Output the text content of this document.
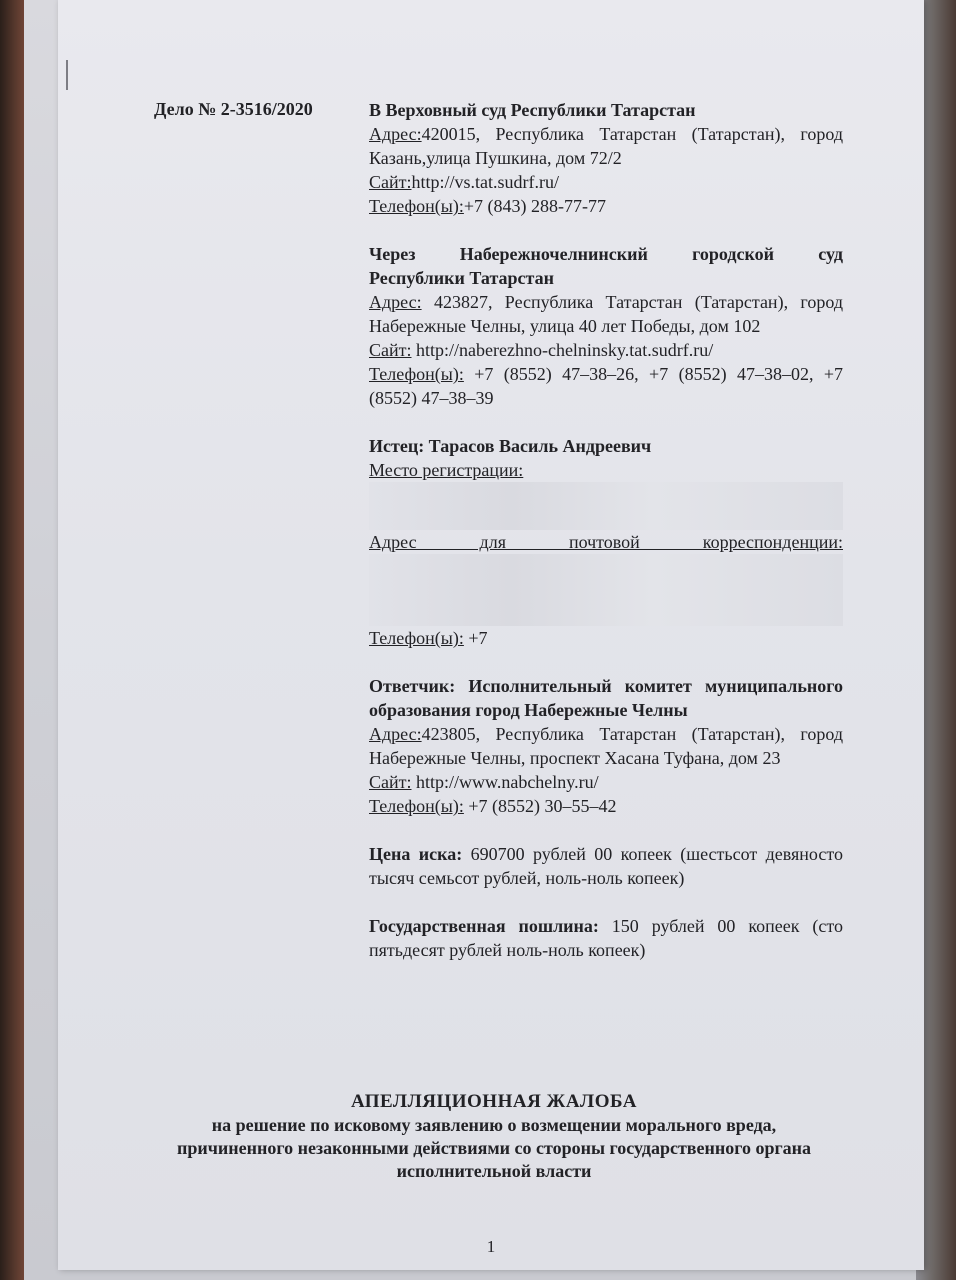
Дело № 2-3516/2020	В Верховный суд Республики Татарстан

Адрес:420015, Республика Татарстан (Татарстан), город Казань,улица Пушкина, дом 72/2

Сайт:http://vs.tat.sudrf.ru/

Телефон(ы):+7 (843) 288-77-77

Через Набережночелнинский городской суд

Республики Татарстан

Адрес: 423827, Республика Татарстан (Татарстан), город Набережные Челны, улица 40 лет Победы, дом 102

Сайт: http://naberezhno-chelninsky.tat.sudrf.ru/

Телефон(ы): +7 (8552) 47–38–26, +7 (8552) 47–38–02, +7 (8552) 47–38–39

Истец: Тарасов Василь Андреевич

Место регистрации:

Адрес для почтовой корреспонденции:

Телефон(ы): +7

Ответчик: Исполнительный комитет муниципального образования город Набережные Челны

Адрес:423805, Республика Татарстан (Татарстан), город Набережные Челны, проспект Хасана Туфана, дом 23

Сайт: http://www.nabchelny.ru/

Телефон(ы): +7 (8552) 30–55–42

Цена иска: 690700 рублей 00 копеек (шестьсот девяносто тысяч семьсот рублей, ноль-ноль копеек)

Государственная пошлина: 150 рублей 00 копеек (сто пятьдесят рублей ноль-ноль копеек)

АПЕЛЛЯЦИОННАЯ ЖАЛОБА
на решение по исковому заявлению о возмещении морального вреда, причиненного незаконными действиями со стороны государственного органа исполнительной власти
1
